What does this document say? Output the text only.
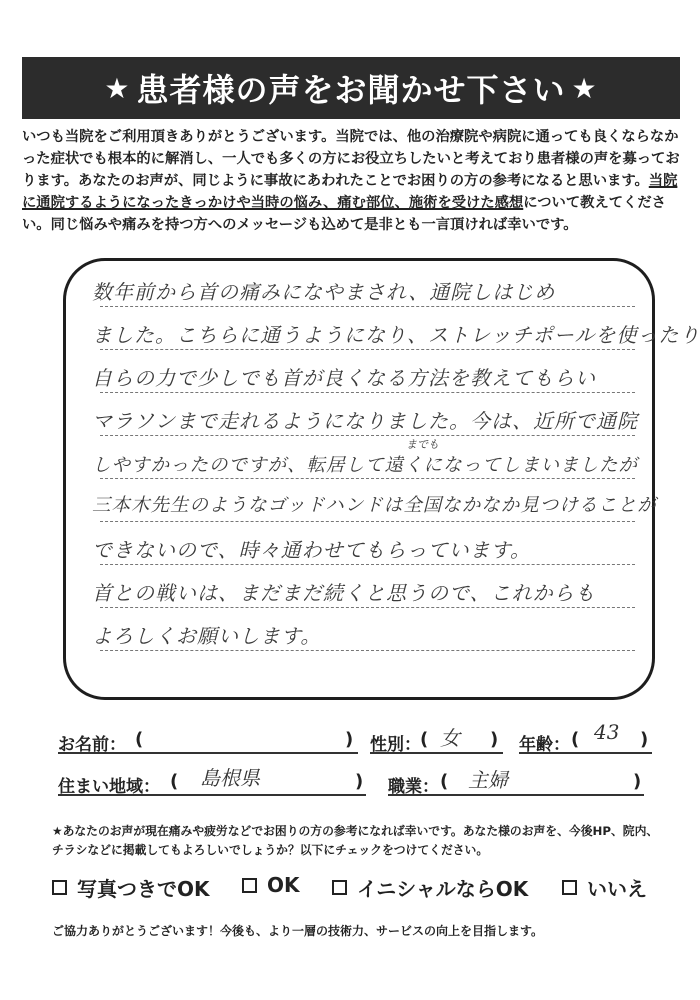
★ 患者様の声をお聞かせ下さい ★
いつも当院をご利用頂きありがとうございます。当院では、他の治療院や病院に通っても良くならなかった症状でも根本的に解消し、一人でも多くの方にお役立ちしたいと考えており患者様の声を募っております。あなたのお声が、同じように事故にあわれたことでお困りの方の参考になると思います。当院に通院するようになったきっかけや当時の悩み、痛む部位、施術を受けた感想について教えてください。同じ悩みや痛みを持つ方へのメッセージも込めて是非とも一言頂ければ幸いです。
数年前から首の痛みになやまされ、通院しはじめ
ました。こちらに通うようになり、ストレッチポールを使ったり
自らの力で少しでも首が良くなる方法を教えてもらい
マラソンまで走れるようになりました。今は、近所で通院
までも
しやすかったのですが、転居して遠くになってしまいましたが
三本木先生のようなゴッドハンドは全国なかなか見つけることが
できないので、時々通わせてもらっています。
首との戦いは、まだまだ続くと思うので、これからも
よろしくお願いします。
お名前： (	) 性別： ( 女 ) 年齢： ( 43 )
住まい地域： ( 島根県	) 職業： ( 主婦	)
★あなたのお声が現在痛みや疲労などでお困りの方の参考になれば幸いです。あなた様のお声を、今後HP、院内、チラシなどに掲載してもよろしいでしょうか？以下にチェックをつけてください。
写真つきでOK	OK	イニシャルならOK	いいえ
ご協力ありがとうございます！今後も、より一層の技術力、サービスの向上を目指します。
